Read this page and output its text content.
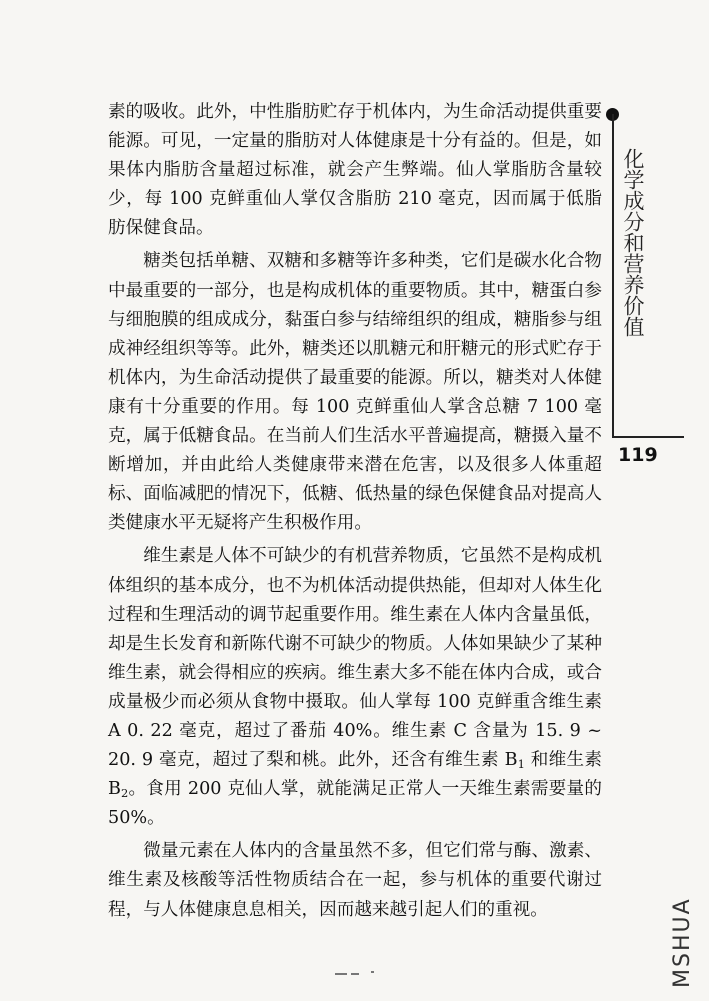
素的吸收。此外，中性脂肪贮存于机体内，为生命活动提供重要能源。可见，一定量的脂肪对人体健康是十分有益的。但是，如果体内脂肪含量超过标准，就会产生弊端。仙人掌脂肪含量较少，每 100 克鲜重仙人掌仅含脂肪 210 毫克，因而属于低脂肪保健食品。

糖类包括单糖、双糖和多糖等许多种类，它们是碳水化合物中最重要的一部分，也是构成机体的重要物质。其中，糖蛋白参与细胞膜的组成成分，黏蛋白参与结缔组织的组成，糖脂参与组成神经组织等等。此外，糖类还以肌糖元和肝糖元的形式贮存于机体内，为生命活动提供了最重要的能源。所以，糖类对人体健康有十分重要的作用。每 100 克鲜重仙人掌含总糖 7 100 毫克，属于低糖食品。在当前人们生活水平普遍提高，糖摄入量不断增加，并由此给人类健康带来潜在危害，以及很多人体重超标、面临减肥的情况下，低糖、低热量的绿色保健食品对提高人类健康水平无疑将产生积极作用。

维生素是人体不可缺少的有机营养物质，它虽然不是构成机体组织的基本成分，也不为机体活动提供热能，但却对人体生化过程和生理活动的调节起重要作用。维生素在人体内含量虽低，却是生长发育和新陈代谢不可缺少的物质。人体如果缺少了某种维生素，就会得相应的疾病。维生素大多不能在体内合成，或合成量极少而必须从食物中摄取。仙人掌每 100 克鲜重含维生素 A 0. 22 毫克，超过了番茄 40%。维生素 C 含量为 15. 9 ~ 20. 9 毫克，超过了梨和桃。此外，还含有维生素 $B_1$ 和维生素 $B_2$。食用 200 克仙人掌，就能满足正常人一天维生素需要量的 50%。

微量元素在人体内的含量虽然不多，但它们常与酶、激素、维生素及核酸等活性物质结合在一起，参与机体的重要代谢过程，与人体健康息息相关，因而越来越引起人们的重视。

化学成分和营养价值
119
MSHUA
